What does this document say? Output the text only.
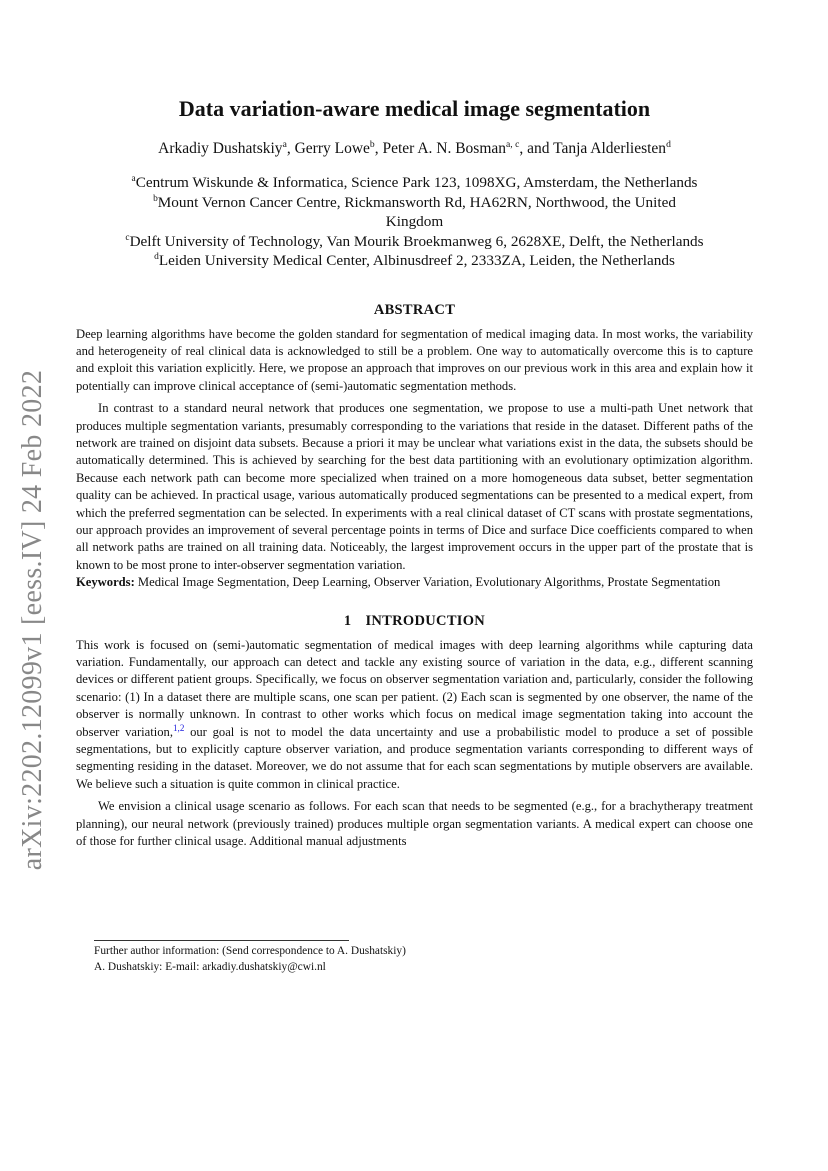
arXiv:2202.12099v1 [eess.IV] 24 Feb 2022
Data variation-aware medical image segmentation
Arkadiy Dushatskiy$^a$, Gerry Lowe$^b$, Peter A. N. Bosman$^{a, c}$, and Tanja Alderliesten$^d$
$^a$Centrum Wiskunde & Informatica, Science Park 123, 1098XG, Amsterdam, the Netherlands
$^b$Mount Vernon Cancer Centre, Rickmansworth Rd, HA62RN, Northwood, the United Kingdom
$^c$Delft University of Technology, Van Mourik Broekmanweg 6, 2628XE, Delft, the Netherlands
$^d$Leiden University Medical Center, Albinusdreef 2, 2333ZA, Leiden, the Netherlands
ABSTRACT

Deep learning algorithms have become the golden standard for segmentation of medical imaging data. In most works, the variability and heterogeneity of real clinical data is acknowledged to still be a problem. One way to automatically overcome this is to capture and exploit this variation explicitly. Here, we propose an approach that improves on our previous work in this area and explain how it potentially can improve clinical acceptance of (semi-)automatic segmentation methods.

In contrast to a standard neural network that produces one segmentation, we propose to use a multi-path Unet network that produces multiple segmentation variants, presumably corresponding to the variations that reside in the dataset. Different paths of the network are trained on disjoint data subsets. Because a priori it may be unclear what variations exist in the data, the subsets should be automatically determined. This is achieved by searching for the best data partitioning with an evolutionary optimization algorithm. Because each network path can become more specialized when trained on a more homogeneous data subset, better segmentation quality can be achieved. In practical usage, various automatically produced segmentations can be presented to a medical expert, from which the preferred segmentation can be selected. In experiments with a real clinical dataset of CT scans with prostate segmentations, our approach provides an improvement of several percentage points in terms of Dice and surface Dice coefficients compared to when all network paths are trained on all training data. Noticeably, the largest improvement occurs in the upper part of the prostate that is known to be most prone to inter-observer segmentation variation.

Keywords: Medical Image Segmentation, Deep Learning, Observer Variation, Evolutionary Algorithms, Prostate Segmentation

1 INTRODUCTION

This work is focused on (semi-)automatic segmentation of medical images with deep learning algorithms while capturing data variation. Fundamentally, our approach can detect and tackle any existing source of variation in the data, e.g., different scanning devices or different patient groups. Specifically, we focus on observer segmentation variation and, particularly, consider the following scenario: (1) In a dataset there are multiple scans, one scan per patient. (2) Each scan is segmented by one observer, the name of the observer is normally unknown. In contrast to other works which focus on medical image segmentation taking into account the observer variation,$^{1,2}$ our goal is not to model the data uncertainty and use a probabilistic model to produce a set of possible segmentations, but to explicitly capture observer variation, and produce segmentation variants corresponding to different ways of segmenting residing in the dataset. Moreover, we do not assume that for each scan segmentations by mutiple observers are available. We believe such a situation is quite common in clinical practice.

We envision a clinical usage scenario as follows. For each scan that needs to be segmented (e.g., for a brachytherapy treatment planning), our neural network (previously trained) produces multiple organ segmentation variants. A medical expert can choose one of those for further clinical usage. Additional manual adjustments

Further author information: (Send correspondence to A. Dushatskiy)
A. Dushatskiy: E-mail: arkadiy.dushatskiy@cwi.nl
